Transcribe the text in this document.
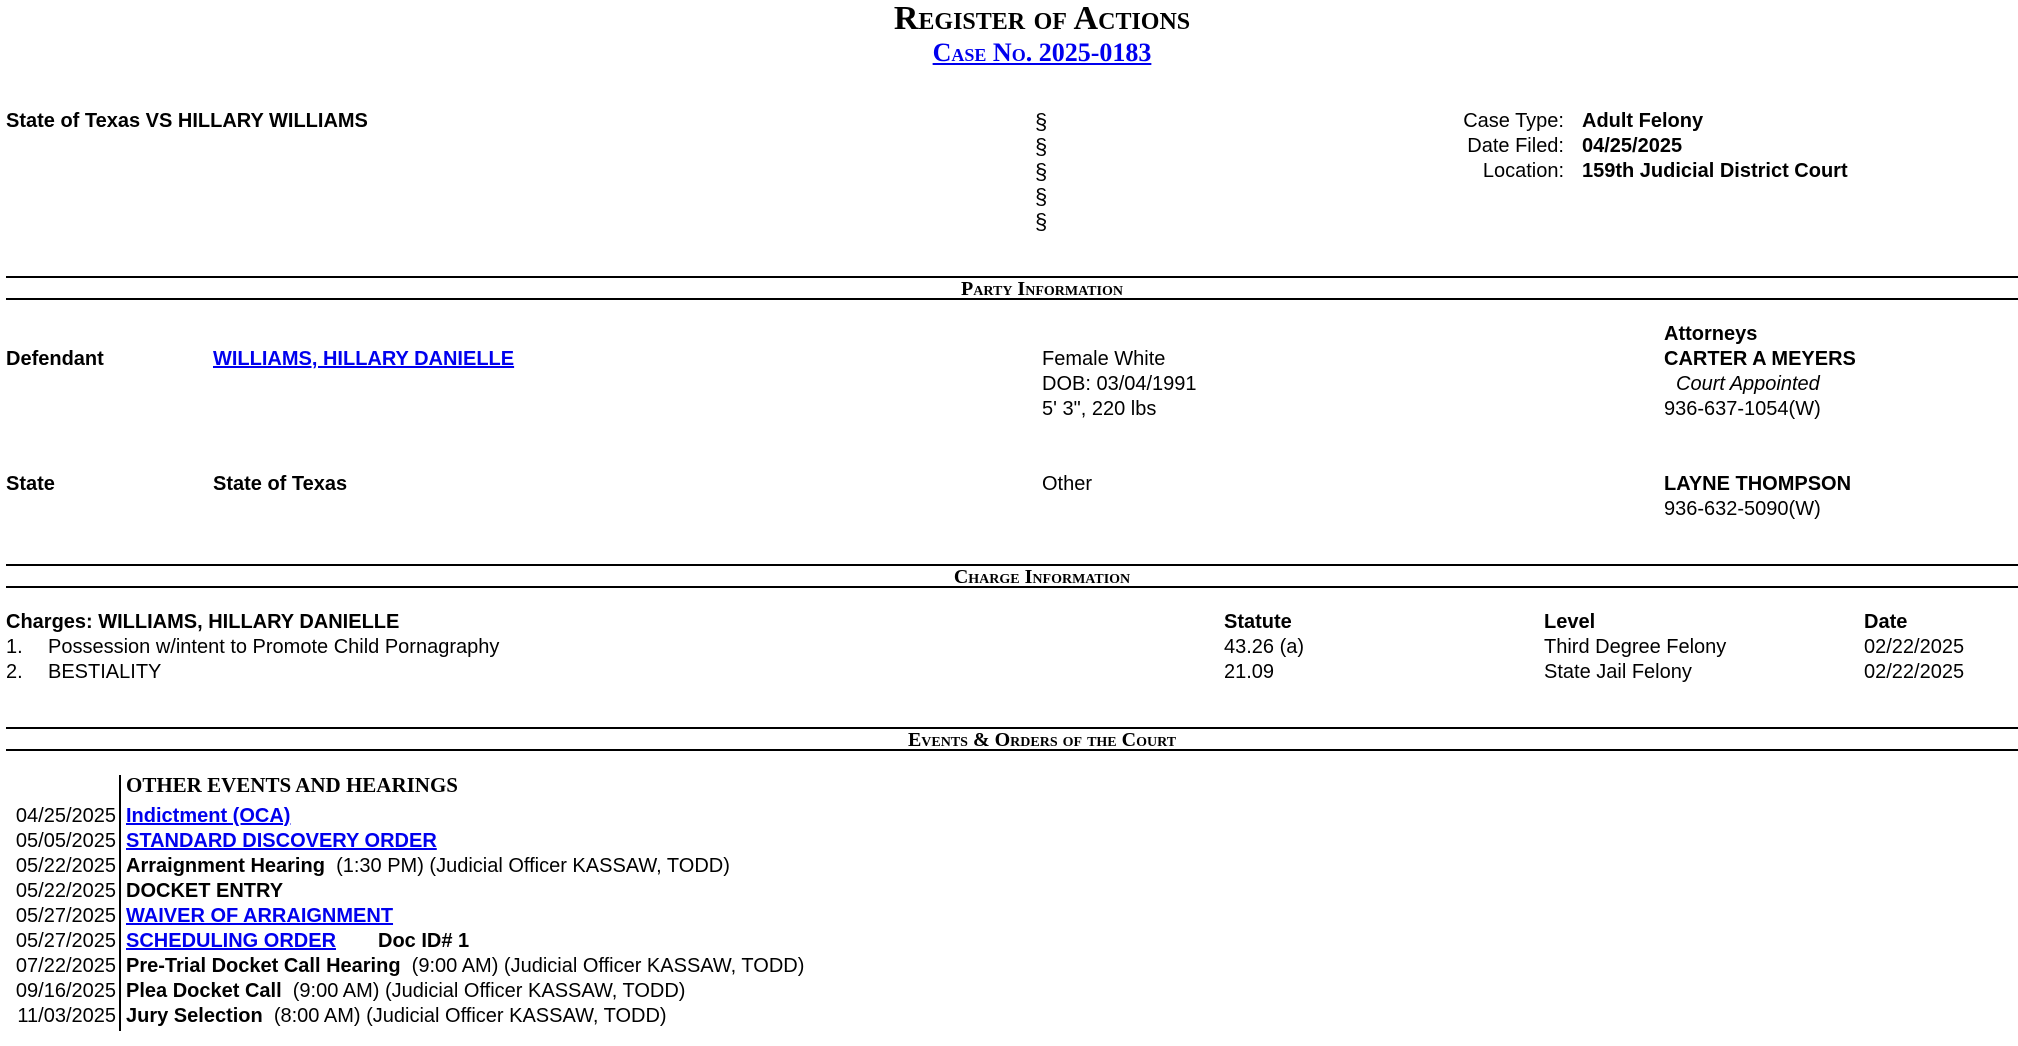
Register of Actions
Case No. 2025-0183
State of Texas VS HILLARY WILLIAMS	§
§
§
§
§
Case Type: Adult Felony
Date Filed: 04/25/2025
Location: 159th Judicial District Court
Party Information
Attorneys
Defendant	WILLIAMS, HILLARY DANIELLE	Female White
DOB: 03/04/1991
5' 3", 220 lbs
CARTER A MEYERS
Court Appointed
936-637-1054(W)
State	State of Texas	Other	LAYNE THOMPSON
936-632-5090(W)
Charge Information
Charges: WILLIAMS, HILLARY DANIELLE	Statute	Level	Date
1. Possession w/intent to Promote Child Pornagraphy	43.26 (a)	Third Degree Felony	02/22/2025
2. BESTIALITY	21.09	State Jail Felony	02/22/2025
Events & Orders of the Court
OTHER EVENTS AND HEARINGS
04/25/2025 Indictment (OCA)
05/05/2025 STANDARD DISCOVERY ORDER
05/22/2025 Arraignment Hearing (1:30 PM) (Judicial Officer KASSAW, TODD)
05/22/2025 DOCKET ENTRY
05/27/2025 WAIVER OF ARRAIGNMENT
05/27/2025 SCHEDULING ORDER Doc ID# 1
07/22/2025 Pre-Trial Docket Call Hearing (9:00 AM) (Judicial Officer KASSAW, TODD)
09/16/2025 Plea Docket Call (9:00 AM) (Judicial Officer KASSAW, TODD)
11/03/2025 Jury Selection (8:00 AM) (Judicial Officer KASSAW, TODD)
